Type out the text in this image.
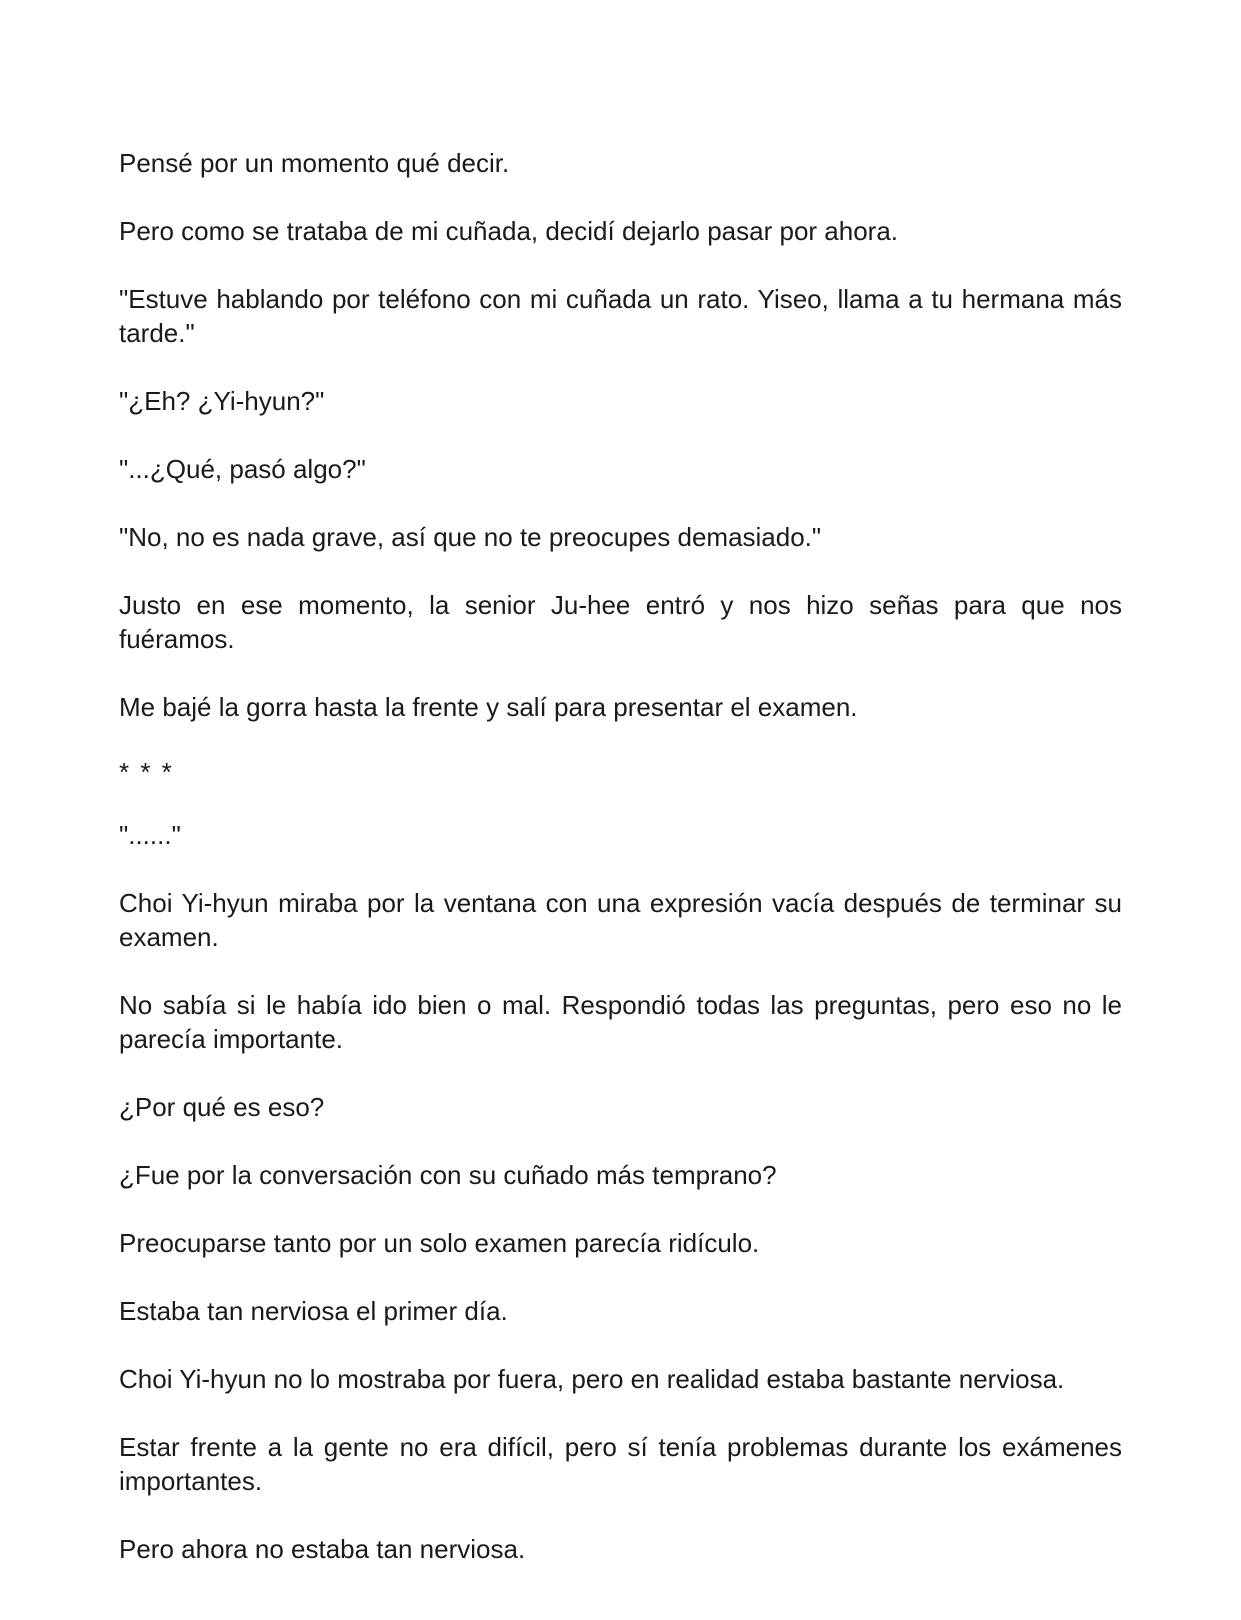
Pensé por un momento qué decir.

Pero como se trataba de mi cuñada, decidí dejarlo pasar por ahora.

"Estuve hablando por teléfono con mi cuñada un rato. Yiseo, llama a tu hermana más tarde."

"¿Eh? ¿Yi-hyun?"

"...¿Qué, pasó algo?"

"No, no es nada grave, así que no te preocupes demasiado."

Justo en ese momento, la senior Ju-hee entró y nos hizo señas para que nos fuéramos.

Me bajé la gorra hasta la frente y salí para presentar el examen.

* * *

"......"

Choi Yi-hyun miraba por la ventana con una expresión vacía después de terminar su examen.

No sabía si le había ido bien o mal. Respondió todas las preguntas, pero eso no le parecía importante.

¿Por qué es eso?

¿Fue por la conversación con su cuñado más temprano?

Preocuparse tanto por un solo examen parecía ridículo.

Estaba tan nerviosa el primer día.

Choi Yi-hyun no lo mostraba por fuera, pero en realidad estaba bastante nerviosa.

Estar frente a la gente no era difícil, pero sí tenía problemas durante los exámenes importantes.

Pero ahora no estaba tan nerviosa.
